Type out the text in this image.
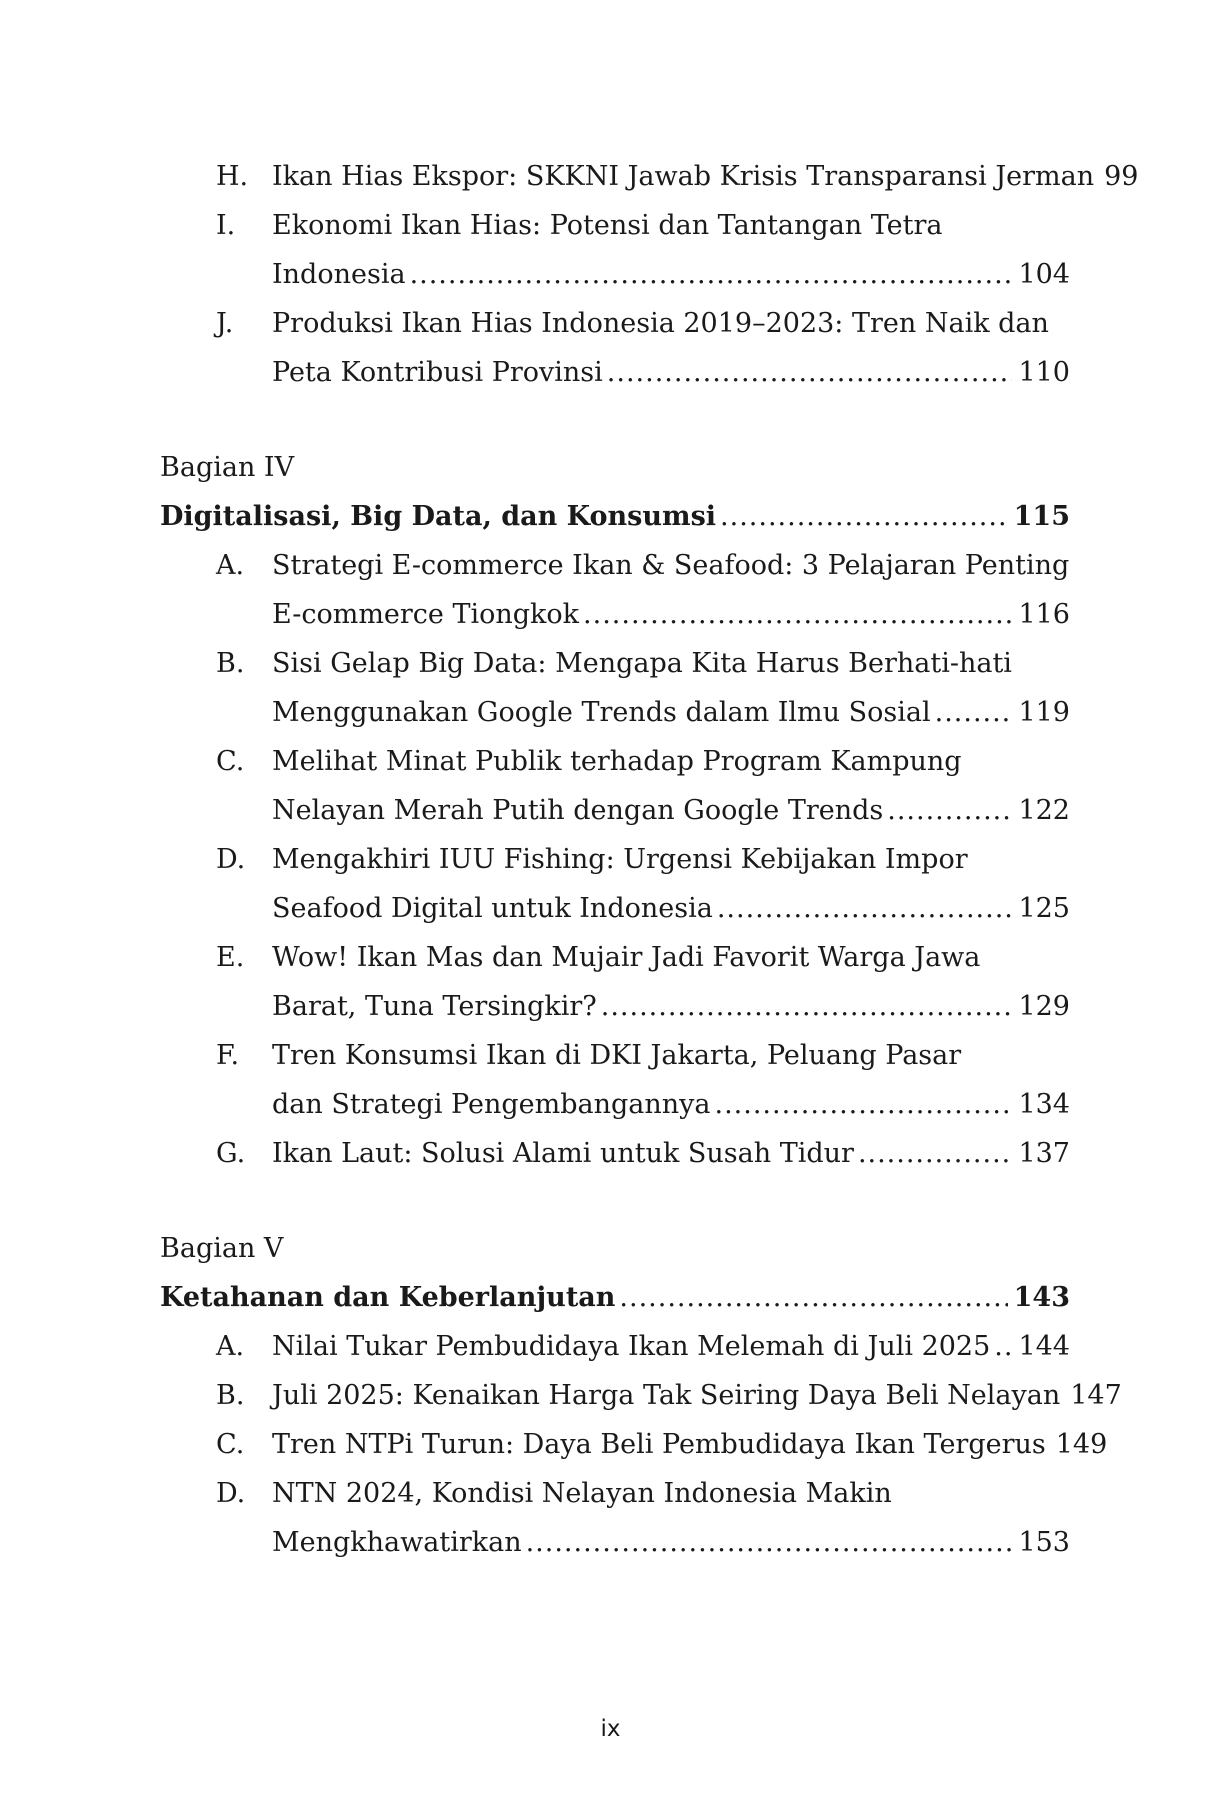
H. Ikan Hias Ekspor: SKKNI Jawab Krisis Transparansi Jerman 99
I. Ekonomi Ikan Hias: Potensi dan Tantangan Tetra
Indonesia .....	104
J. Produksi Ikan Hias Indonesia 2019–2023: Tren Naik dan
Peta Kontribusi Provinsi .....	110
Bagian IV
Digitalisasi, Big Data, dan Konsumsi .....	115
A. Strategi E-commerce Ikan & Seafood: 3 Pelajaran Penting
E-commerce Tiongkok .....	116
B. Sisi Gelap Big Data: Mengapa Kita Harus Berhati-hati
Menggunakan Google Trends dalam Ilmu Sosial .....	119
C. Melihat Minat Publik terhadap Program Kampung
Nelayan Merah Putih dengan Google Trends .....	122
D. Mengakhiri IUU Fishing: Urgensi Kebijakan Impor
Seafood Digital untuk Indonesia .....	125
E. Wow! Ikan Mas dan Mujair Jadi Favorit Warga Jawa
Barat, Tuna Tersingkir? .....	129
F. Tren Konsumsi Ikan di DKI Jakarta, Peluang Pasar
dan Strategi Pengembangannya .....	134
G. Ikan Laut: Solusi Alami untuk Susah Tidur .....	137
Bagian V
Ketahanan dan Keberlanjutan .....	143
A. Nilai Tukar Pembudidaya Ikan Melemah di Juli 2025 ..... 144
B. Juli 2025: Kenaikan Harga Tak Seiring Daya Beli Nelayan 147
C. Tren NTPi Turun: Daya Beli Pembudidaya Ikan Tergerus 149
D. NTN 2024, Kondisi Nelayan Indonesia Makin
Mengkhawatirkan .....	153
ix
